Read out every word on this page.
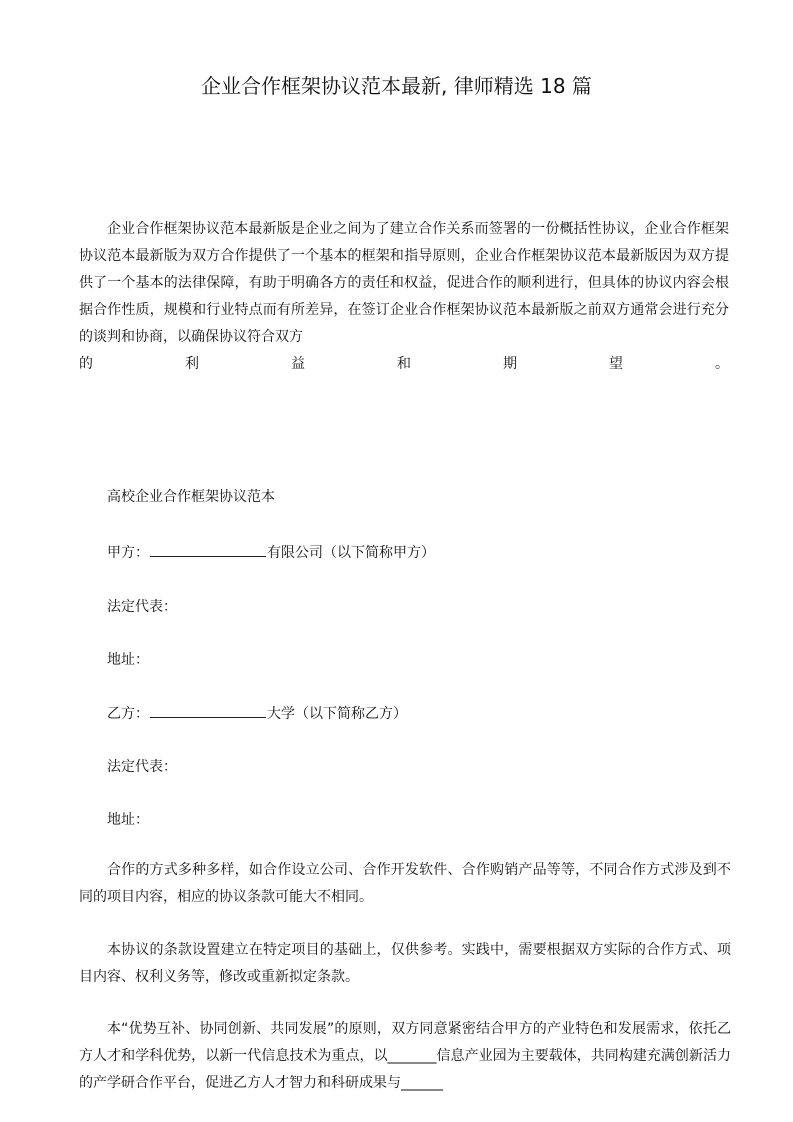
企业合作框架协议范本最新, 律师精选 18 篇

企业合作框架协议范本最新版是企业之间为了建立合作关系而签署的一份概括性协议，企业合作框架协议范本最新版为双方合作提供了一个基本的框架和指导原则，企业合作框架协议范本最新版因为双方提供了一个基本的法律保障，有助于明确各方的责任和权益，促进合作的顺利进行，但具体的协议内容会根据合作性质，规模和行业特点而有所差异，在签订企业合作框架协议范本最新版之前双方通常会进行充分的谈判和协商，以确保协议符合双方

的	利	益	和	期	望	。

高校企业合作框架协议范本

甲方：	有限公司（以下简称甲方）

法定代表：

地址：

乙方：	大学（以下简称乙方）

法定代表：

地址：

合作的方式多种多样，如合作设立公司、合作开发软件、合作购销产品等等，不同合作方式涉及到不同的项目内容，相应的协议条款可能大不相同。

本协议的条款设置建立在特定项目的基础上，仅供参考。实践中，需要根据双方实际的合作方式、项目内容、权利义务等，修改或重新拟定条款。

本“优势互补、协同创新、共同发展”的原则，双方同意紧密结合甲方的产业特色和发展需求，依托乙方人才和学科优势，以新一代信息技术为重点，以_______信息产业园为主要载体，共同构建充满创新活力的产学研合作平台，促进乙方人才智力和科研成果与______
